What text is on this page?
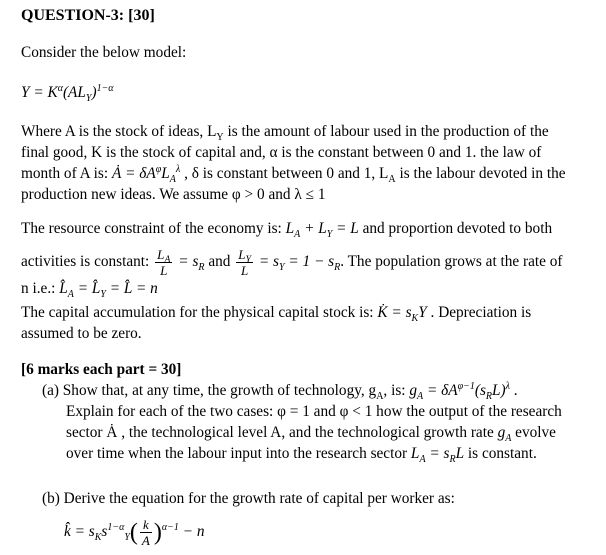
QUESTION-3: [30]
Consider the below model:
$Y = K^\alpha(AL_Y)^{1-\alpha}$
Where A is the stock of ideas, $L_Y$ is the amount of labour used in the production of the
final good, K is the stock of capital and, α is the constant between 0 and 1. the law of
month of A is: Ȧ = $\delta A^\varphi L_A^\lambda$ , δ is constant between 0 and 1, $L_A$ is the labour devoted in the
production new ideas. We assume φ > 0 and λ ≤ 1
The resource constraint of the economy is: $L_A + L_Y = L$ and proportion devoted to both
activities is constant: $\frac{L_A}{L} = s_R$ and $\frac{L_Y}{L} = s_Y = 1 - s_R$. The population grows at the rate of
n i.e.: $L̂_A$ = $L̂_Y$ = L̂ = n
The capital accumulation for the physical capital stock is: K̇ = $s_KY$ . Depreciation is
assumed to be zero.
[6 marks each part = 30]
(a) Show that, at any time, the growth of technology, $g_A$, is: $g_A = \delta A^{\varphi-1}(s_RL)^\lambda$ .
Explain for each of the two cases: φ = 1 and φ < 1 how the output of the research
sector Ȧ , the technological level A, and the technological growth rate $g_A$ evolve
over time when the labour input into the research sector $L_A = s_RL$ is constant.
(b) Derive the equation for the growth rate of capital per worker as:
k̂ = $s_Ks^{1-\alpha}_Y( \frac{k}{A} )^{\alpha-1} - n$
